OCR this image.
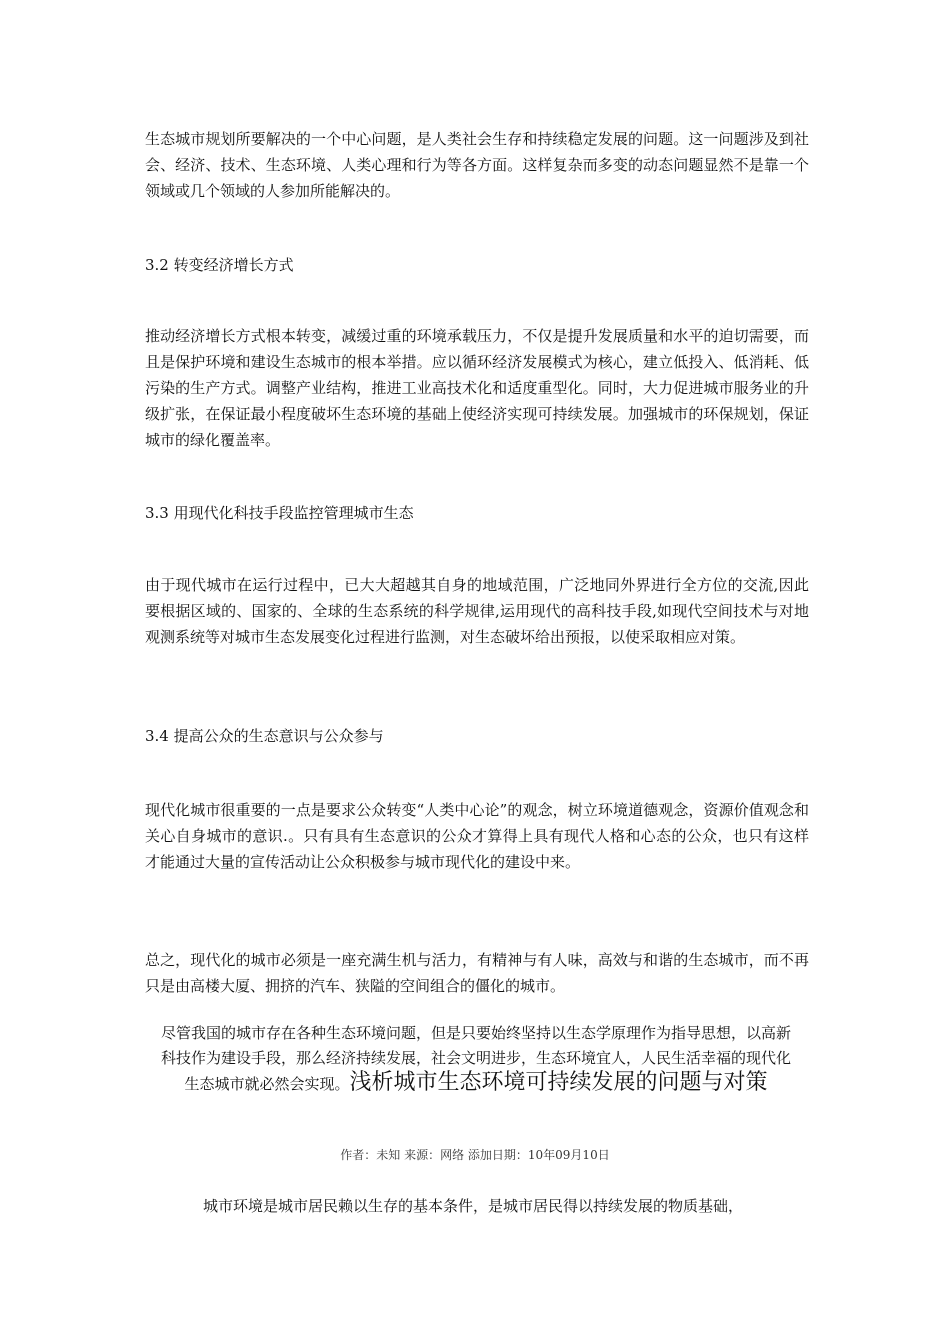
生态城市规划所要解决的一个中心问题，是人类社会生存和持续稳定发展的问题。这一问题涉及到社会、经济、技术、生态环境、人类心理和行为等各方面。这样复杂而多变的动态问题显然不是靠一个领域或几个领域的人参加所能解决的。

3.2 转变经济增长方式

推动经济增长方式根本转变，减缓过重的环境承载压力，不仅是提升发展质量和水平的迫切需要，而且是保护环境和建设生态城市的根本举措。应以循环经济发展模式为核心，建立低投入、低消耗、低污染的生产方式。调整产业结构，推进工业高技术化和适度重型化。同时，大力促进城市服务业的升级扩张，在保证最小程度破坏生态环境的基础上使经济实现可持续发展。加强城市的环保规划，保证城市的绿化覆盖率。

3.3 用现代化科技手段监控管理城市生态

由于现代城市在运行过程中，已大大超越其自身的地域范围，广泛地同外界进行全方位的交流,因此要根据区域的、国家的、全球的生态系统的科学规律,运用现代的高科技手段,如现代空间技术与对地观测系统等对城市生态发展变化过程进行监测，对生态破坏给出预报，以使采取相应对策。

3.4 提高公众的生态意识与公众参与

现代化城市很重要的一点是要求公众转变“人类中心论”的观念，树立环境道德观念，资源价值观念和关心自身城市的意识.。只有具有生态意识的公众才算得上具有现代人格和心态的公众，也只有这样才能通过大量的宣传活动让公众积极参与城市现代化的建设中来。

总之，现代化的城市必须是一座充满生机与活力，有精神与有人味，高效与和谐的生态城市，而不再只是由高楼大厦、拥挤的汽车、狭隘的空间组合的僵化的城市。

尽管我国的城市存在各种生态环境问题，但是只要始终坚持以生态学原理作为指导思想，以高新科技作为建设手段，那么经济持续发展，社会文明进步，生态环境宜人，人民生活幸福的现代化生态城市就必然会实现。浅析城市生态环境可持续发展的问题与对策

作者：未知 来源：网络 添加日期：10年09月10日

城市环境是城市居民赖以生存的基本条件，是城市居民得以持续发展的物质基础，
